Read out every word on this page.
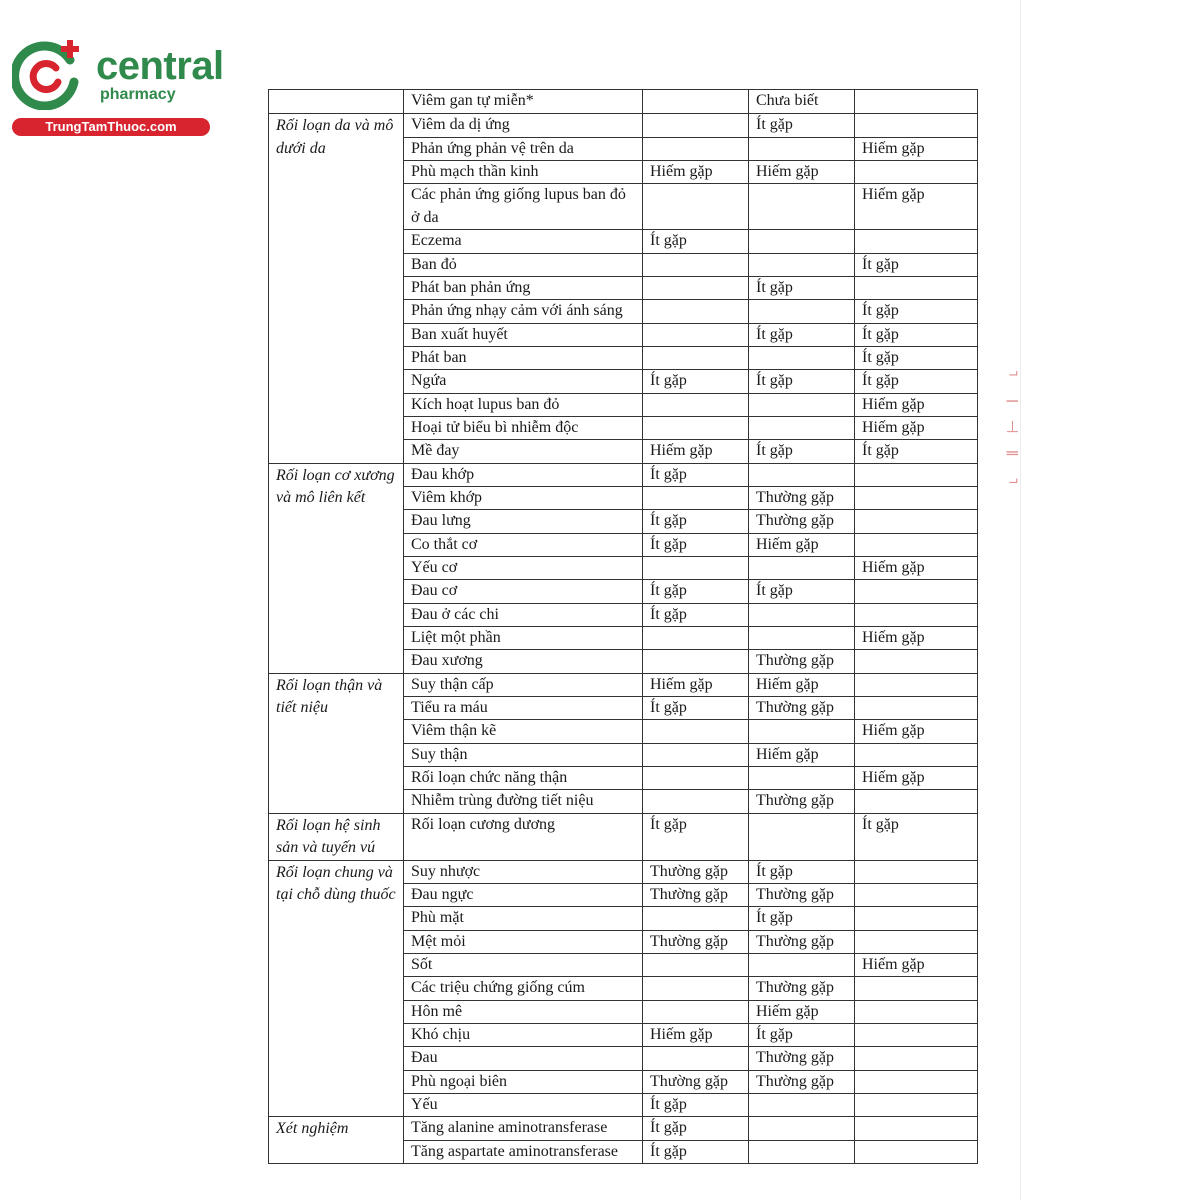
⌐ ǁ ⊢ ǀ ⌐
central
pharmacy
TrungTamThuoc.com
	Viêm gan tự miễn*		Chưa biết	
Rối loạn da và mô dưới da	Viêm da dị ứng		Ít gặp	
	Phản ứng phản vệ trên da			Hiếm gặp
	Phù mạch thần kinh	Hiếm gặp	Hiếm gặp	
	Các phản ứng giống lupus ban đỏ ở da			Hiếm gặp
	Eczema	Ít gặp		
	Ban đỏ			Ít gặp
	Phát ban phản ứng		Ít gặp	
	Phản ứng nhạy cảm với ánh sáng			Ít gặp
	Ban xuất huyết		Ít gặp	Ít gặp
	Phát ban			Ít gặp
	Ngứa	Ít gặp	Ít gặp	Ít gặp
	Kích hoạt lupus ban đỏ			Hiếm gặp
	Hoại tử biểu bì nhiễm độc			Hiếm gặp
	Mề đay	Hiếm gặp	Ít gặp	Ít gặp
Rối loạn cơ xương và mô liên kết	Đau khớp	Ít gặp		
	Viêm khớp		Thường gặp	
	Đau lưng	Ít gặp	Thường gặp	
	Co thắt cơ	Ít gặp	Hiếm gặp	
	Yếu cơ			Hiếm gặp
	Đau cơ	Ít gặp	Ít gặp	
	Đau ở các chi	Ít gặp		
	Liệt một phần			Hiếm gặp
	Đau xương		Thường gặp	
Rối loạn thận và tiết niệu	Suy thận cấp	Hiếm gặp	Hiếm gặp	
	Tiểu ra máu	Ít gặp	Thường gặp	
	Viêm thận kẽ			Hiếm gặp
	Suy thận		Hiếm gặp	
	Rối loạn chức năng thận			Hiếm gặp
	Nhiễm trùng đường tiết niệu		Thường gặp	
Rối loạn hệ sinh sản và tuyến vú	Rối loạn cương dương	Ít gặp		Ít gặp
Rối loạn chung và tại chỗ dùng thuốc	Suy nhược	Thường gặp	Ít gặp	
	Đau ngực	Thường gặp	Thường gặp	
	Phù mặt		Ít gặp	
	Mệt mỏi	Thường gặp	Thường gặp	
	Sốt			Hiếm gặp
	Các triệu chứng giống cúm		Thường gặp	
	Hôn mê		Hiếm gặp	
	Khó chịu	Hiếm gặp	Ít gặp	
	Đau		Thường gặp	
	Phù ngoại biên	Thường gặp	Thường gặp	
	Yếu	Ít gặp		
Xét nghiệm	Tăng alanine aminotransferase	Ít gặp		
	Tăng aspartate aminotransferase	Ít gặp		
